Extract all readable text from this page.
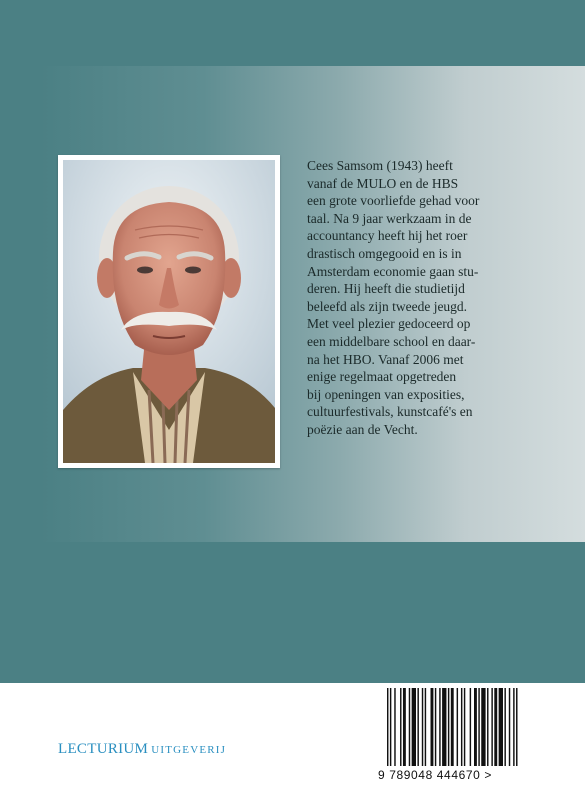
Cees Samsom (1943) heeft
vanaf de MULO en de HBS
een grote voorliefde gehad voor
taal. Na 9 jaar werkzaam in de
accountancy heeft hij het roer
drastisch omgegooid en is in
Amsterdam economie gaan stu-
deren. Hij heeft die studietijd
beleefd als zijn tweede jeugd.
Met veel plezier gedoceerd op
een middelbare school en daar-
na het HBO. Vanaf 2006 met
enige regelmaat opgetreden
bij openingen van exposities,
cultuurfestivals, kunstcafé's en
poëzie aan de Vecht.
LECTURIUM UITGEVERIJ
9 789048 444670 >
